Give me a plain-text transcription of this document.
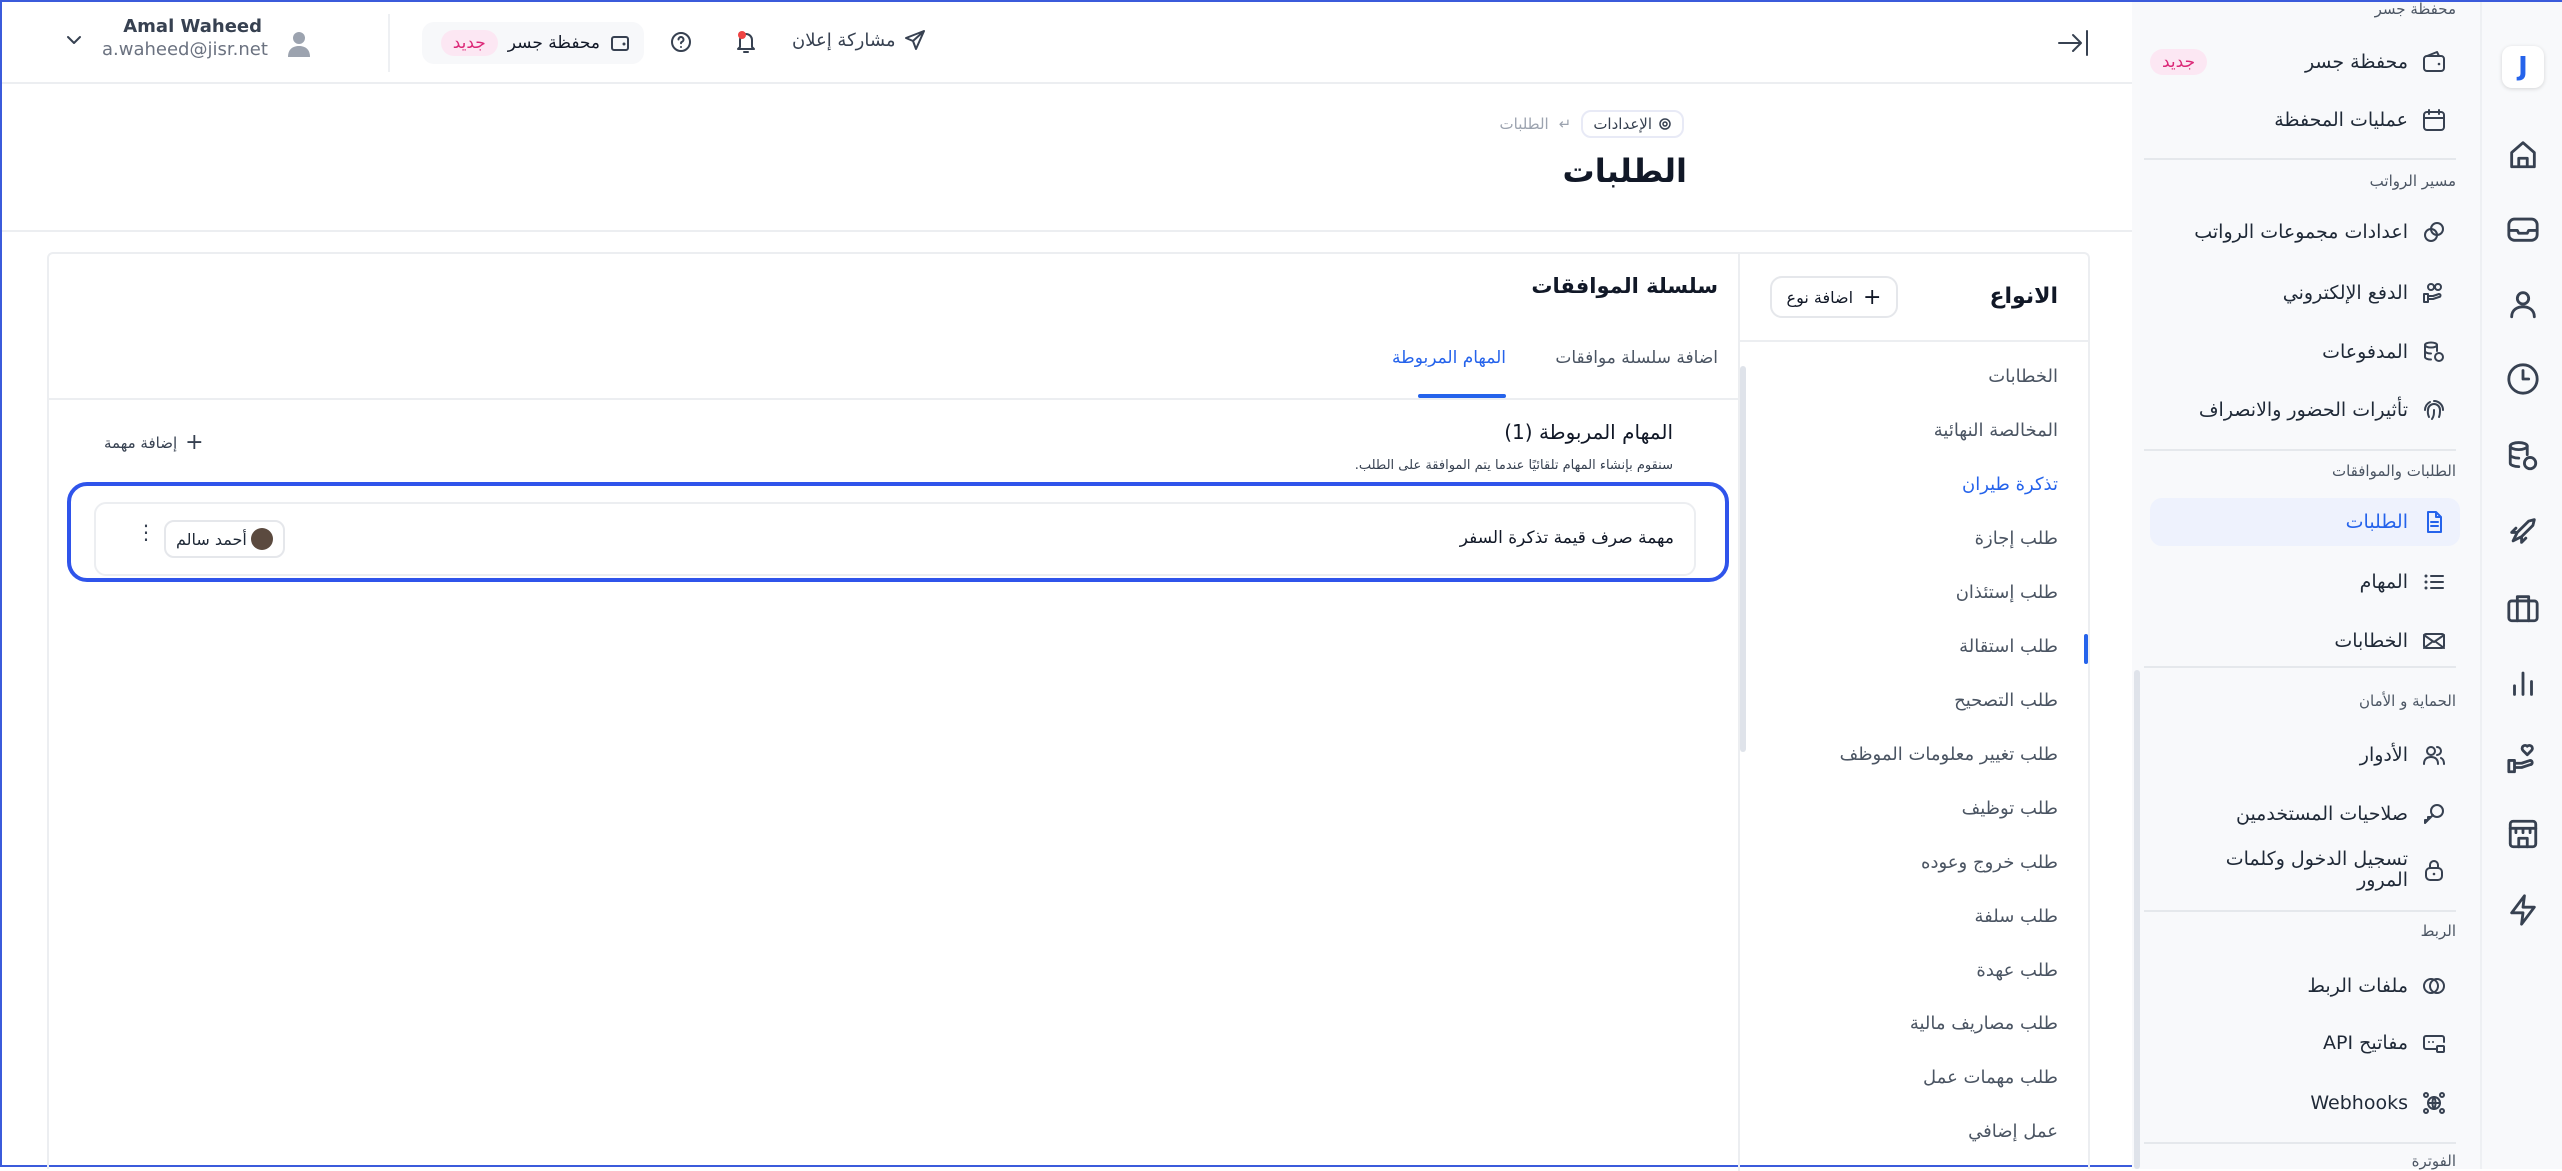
Amal Waheed
a.waheed@jisr.net	محفظة جسر
جديد	مشاركة إعلان
الإعدادات
↵
الطلبات
الطلبات
الانواع
+
اضافة نوع
الخطابات
المخالصة النهائية
تذكرة طيران
طلب إجازة
طلب إستئذان
طلب استقالة
طلب التصحيح
طلب تغيير معلومات الموظف
طلب توظيف
طلب خروج وعوده
طلب سلفة
طلب عهدة
طلب مصاريف مالية
طلب مهمات عمل
عمل إضافي
سلسلة الموافقات
اضافة سلسلة موافقات
المهام المربوطة
المهام المربوطة (1)
سنقوم بإنشاء المهام تلقائيًا عندما يتم الموافقة على الطلب.
+
إضافة مهمة
مهمة صرف قيمة تذكرة السفر
أحمد سالم
⋮
محفظة جسر
محفظة جسر
جديد
عمليات المحفظة
مسير الرواتب
اعدادات مجموعات الرواتب
الدفع الإلكتروني
المدفوعات
تأثيرات الحضور والانصراف
الطلبات والموافقات
الطلبات
المهام
الخطابات
الحماية و الأمان
الأدوار
صلاحيات المستخدمين
تسجيل الدخول وكلمات المرور
الربط
ملفات الربط
مفاتيح API
Webhooks
الفوترة
J
